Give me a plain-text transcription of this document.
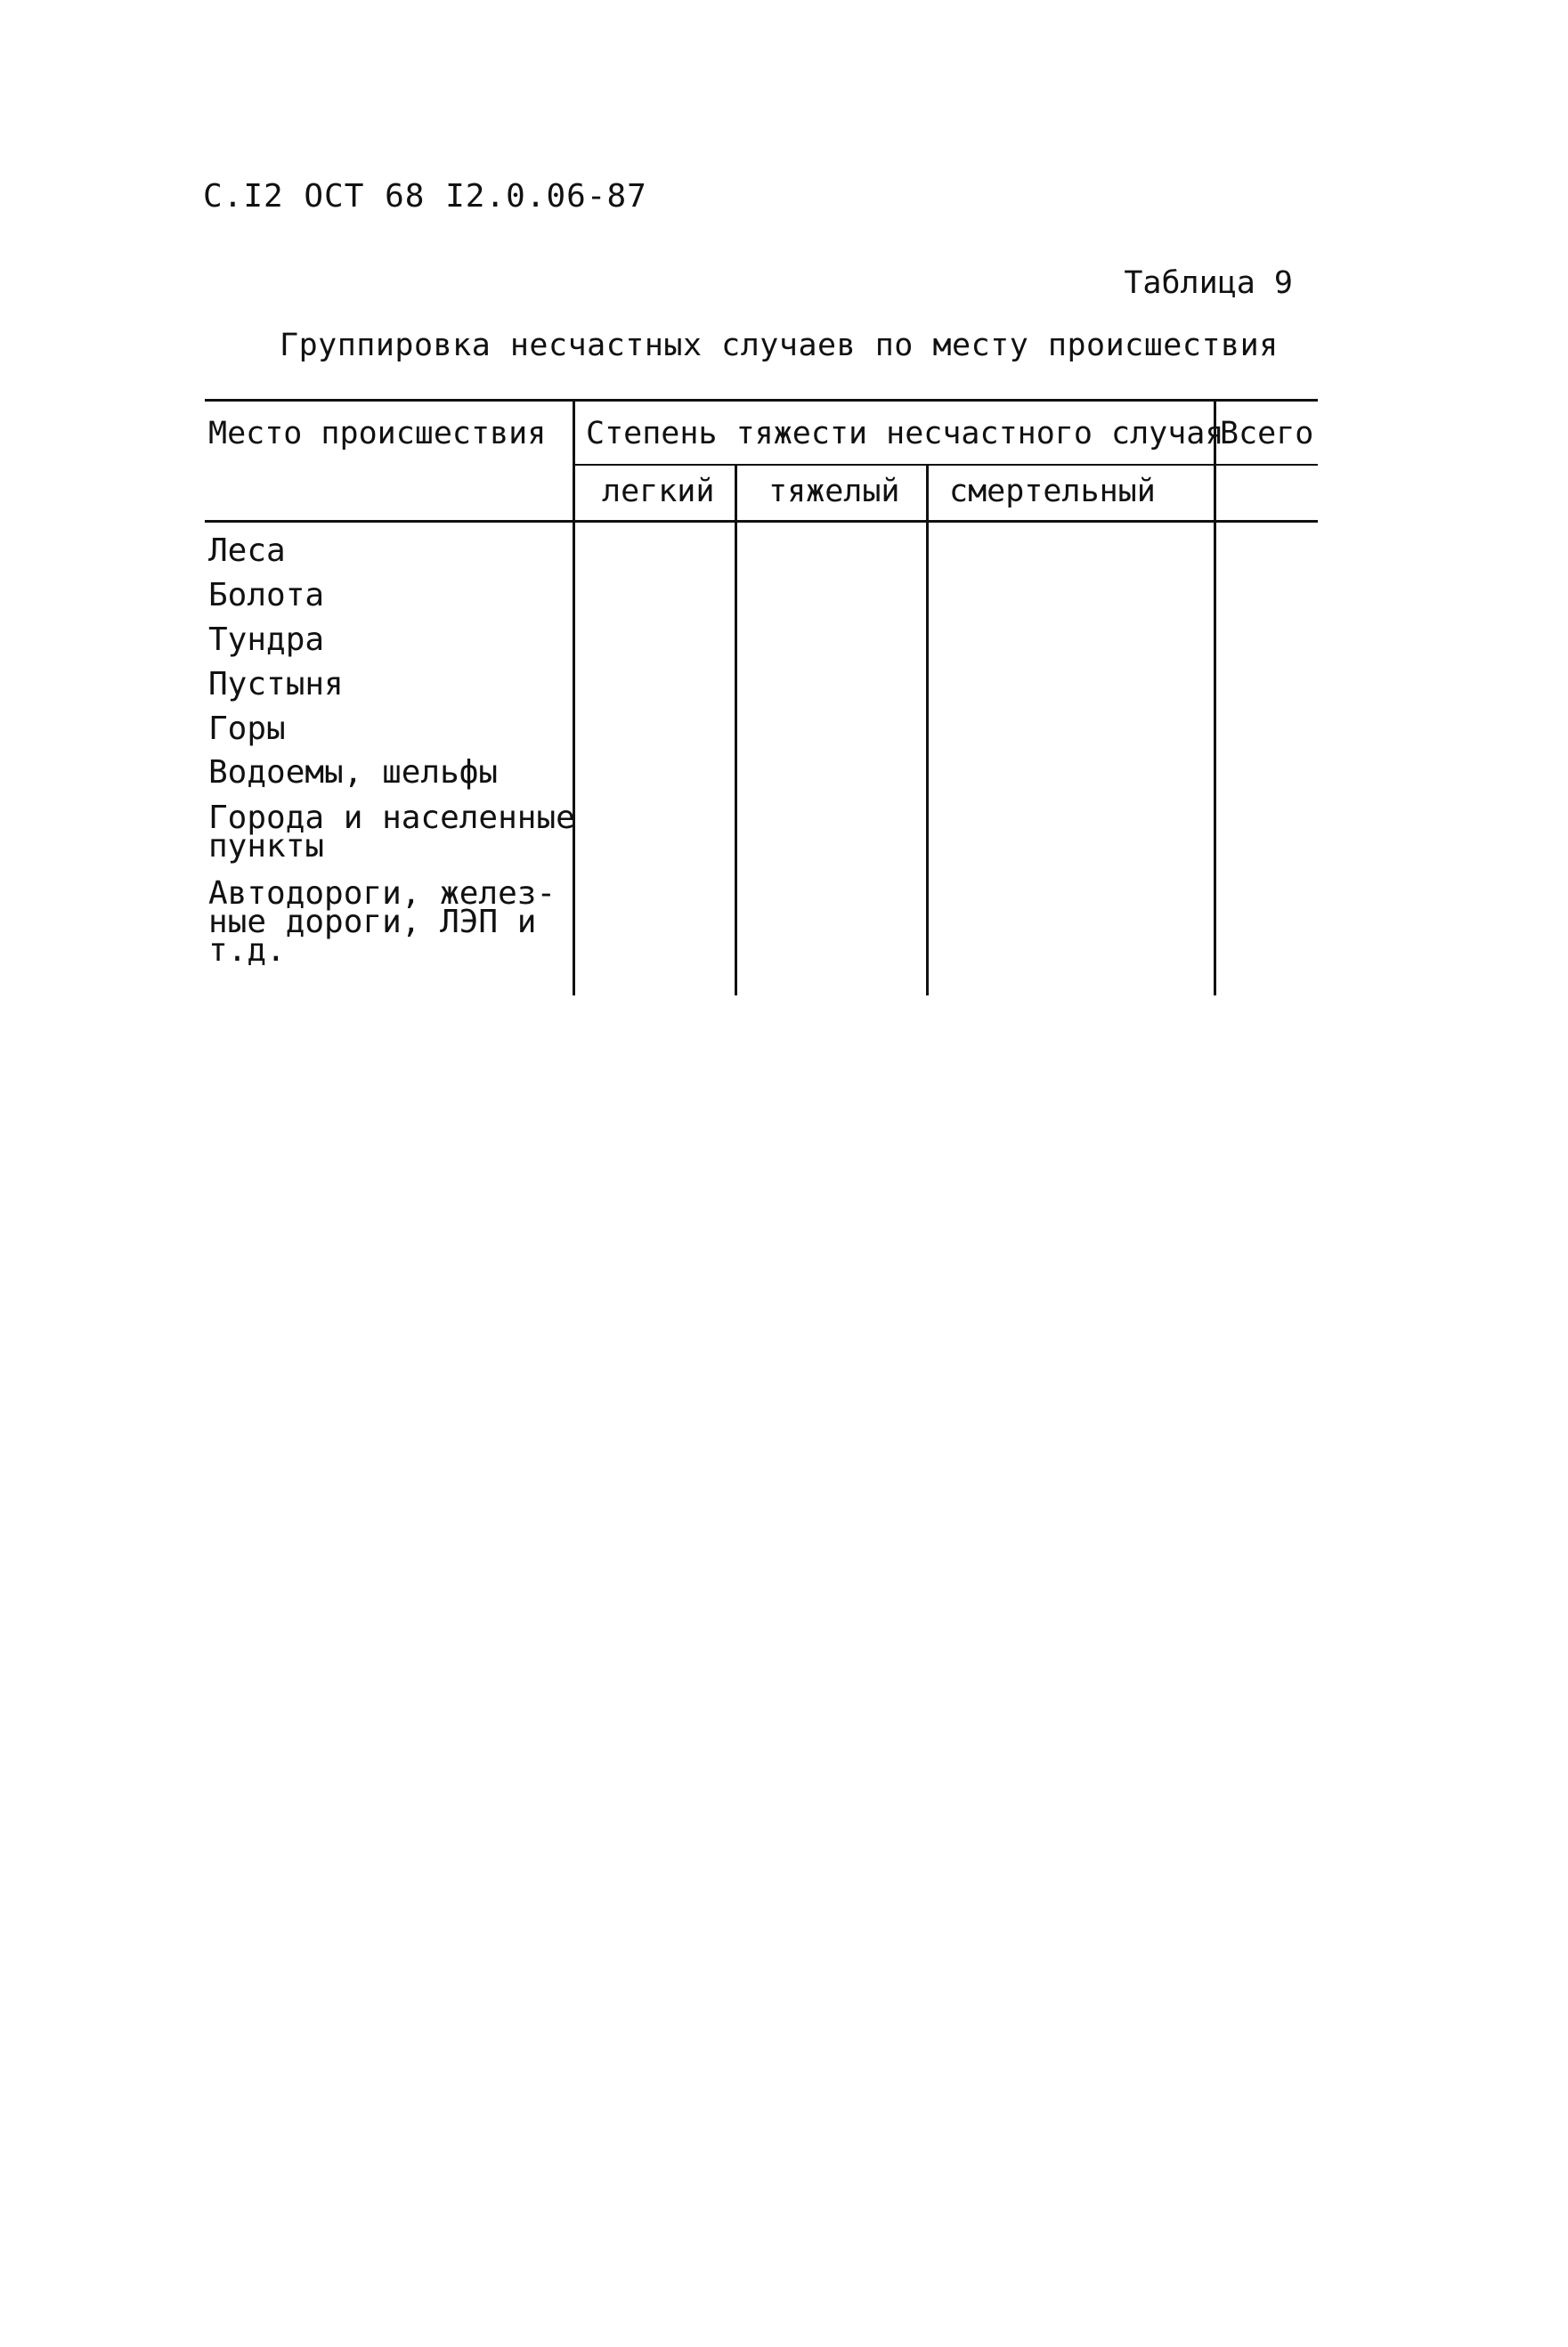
С.I2 ОСТ 68 I2.0.06-87
Таблица 9
Группировка несчастных случаев по месту происшествия
Место происшествия Степень тяжести несчастного случая
Всего
легкий тяжелый смертельный
Леса
Болота
Тундра
Пустыня
Горы
Водоемы, шельфы
Города и населенные
пункты
Автодороги, желез-
ные дороги, ЛЭП и
т.д.
